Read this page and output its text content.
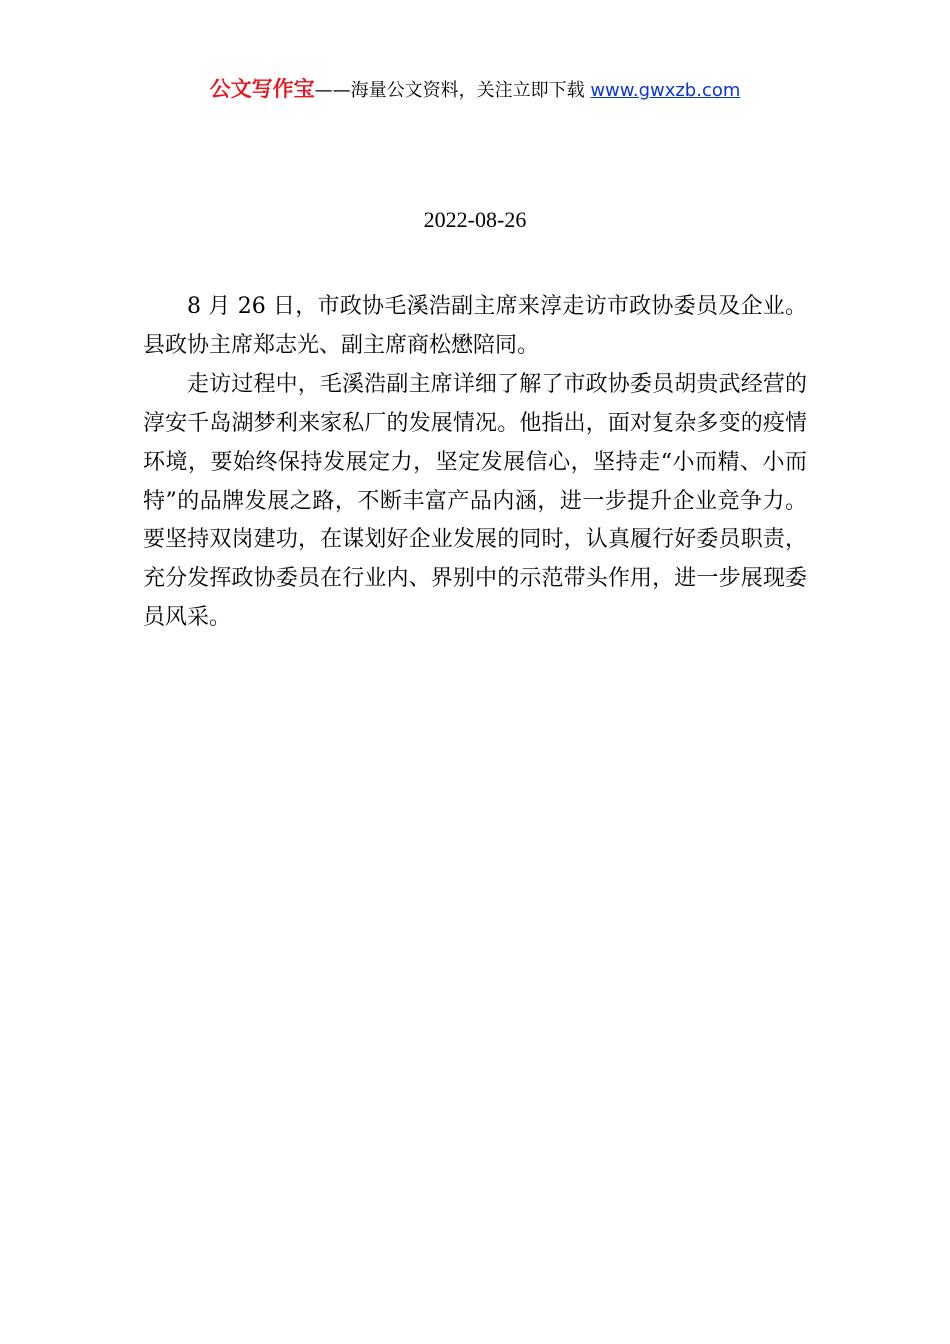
公文写作宝——海量公文资料，关注立即下载 www.gwxzb.com
2022-08-26

8 月 26 日，市政协毛溪浩副主席来淳走访市政协委员及企业。县政协主席郑志光、副主席商松懋陪同。

走访过程中，毛溪浩副主席详细了解了市政协委员胡贵武经营的淳安千岛湖梦利来家私厂的发展情况。他指出，面对复杂多变的疫情环境，要始终保持发展定力，坚定发展信心，坚持走“小而精、小而特”的品牌发展之路，不断丰富产品内涵，进一步提升企业竞争力。要坚持双岗建功，在谋划好企业发展的同时，认真履行好委员职责，充分发挥政协委员在行业内、界别中的示范带头作用，进一步展现委员风采。
